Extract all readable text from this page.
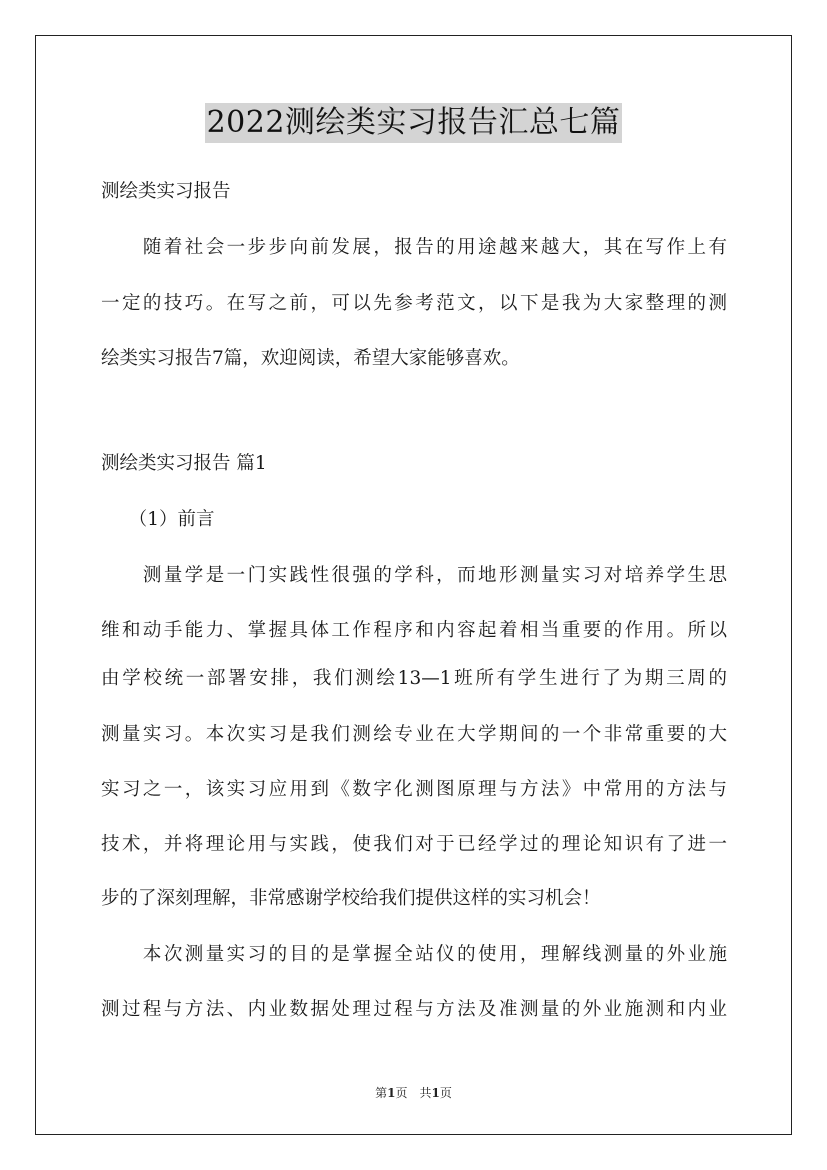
2022测绘类实习报告汇总七篇
测绘类实习报告
　　随着社会一步步向前发展，报告的用途越来越大，其在写作上有
一定的技巧。在写之前，可以先参考范文，以下是我为大家整理的测
绘类实习报告7篇，欢迎阅读，希望大家能够喜欢。
测绘类实习报告 篇1
　　（1）前言
　　测量学是一门实践性很强的学科，而地形测量实习对培养学生思
维和动手能力、掌握具体工作程序和内容起着相当重要的作用。所以
由学校统一部署安排，我们测绘13—1班所有学生进行了为期三周的
测量实习。本次实习是我们测绘专业在大学期间的一个非常重要的大
实习之一，该实习应用到《数字化测图原理与方法》中常用的方法与
技术，并将理论用与实践，使我们对于已经学过的理论知识有了进一
步的了深刻理解，非常感谢学校给我们提供这样的实习机会！
　　本次测量实习的目的是掌握全站仪的使用，理解线测量的外业施
测过程与方法、内业数据处理过程与方法及准测量的外业施测和内业
第1页　共1页
